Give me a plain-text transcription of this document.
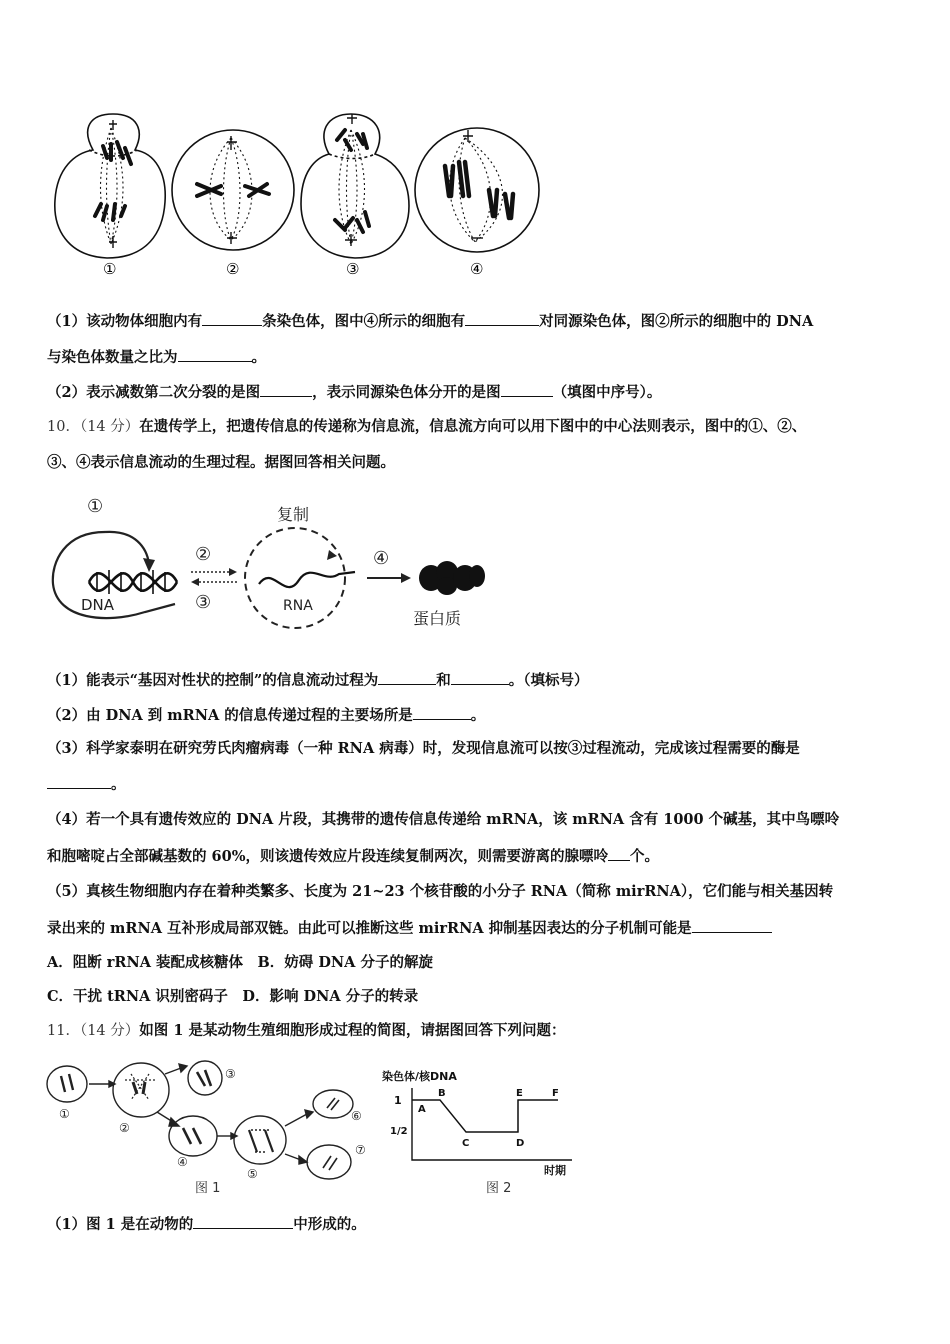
①	②	③	④
（1）该动物体细胞内有	条染色体，图中④所示的细胞有	对同源染色体，图②所示的细胞中的 DNA
与染色体数量之比为	。
（2）表示减数第二次分裂的是图	，表示同源染色体分开的是图	（填图中序号）。
10．（14 分）在遗传学上，把遗传信息的传递称为信息流，信息流方向可以用下图中的中心法则表示，图中的①、②、
③、④表示信息流动的生理过程。据图回答相关问题。
①
DNA
②
③
复制
RNA
④
蛋白质
（1）能表示“基因对性状的控制”的信息流动过程为	和	。（填标号）
（2）由 DNA 到 mRNA 的信息传递过程的主要场所是	。
（3）科学家泰明在研究劳氏肉瘤病毒（一种 RNA 病毒）时，发现信息流可以按③过程流动，完成该过程需要的酶是
。
（4）若一个具有遗传效应的 DNA 片段，其携带的遗传信息传递给 mRNA，该 mRNA 含有 1000 个碱基，其中鸟嘌呤
和胞嘧啶占全部碱基数的 60%，则该遗传效应片段连续复制两次，则需要游离的腺嘌呤 个。
（5）真核生物细胞内存在着种类繁多、长度为 21~23 个核苷酸的小分子 RNA（简称 mirRNA），它们能与相关基因转
录出来的 mRNA 互补形成局部双链。由此可以推断这些 mirRNA 抑制基因表达的分子机制可能是
A．阻断 rRNA 装配成核糖体　B．妨碍 DNA 分子的解旋
C．干扰 tRNA 识别密码子　D．影响 DNA 分子的转录
11．（14 分）如图 1 是某动物生殖细胞形成过程的简图，请据图回答下列问题：
①
②
③
④
⑤
⑥
⑦
图 1
染色体/核DNA
1
1/2
A
B
C	D
E	F
时期
图 2
（1）图 1 是在动物的	中形成的。
